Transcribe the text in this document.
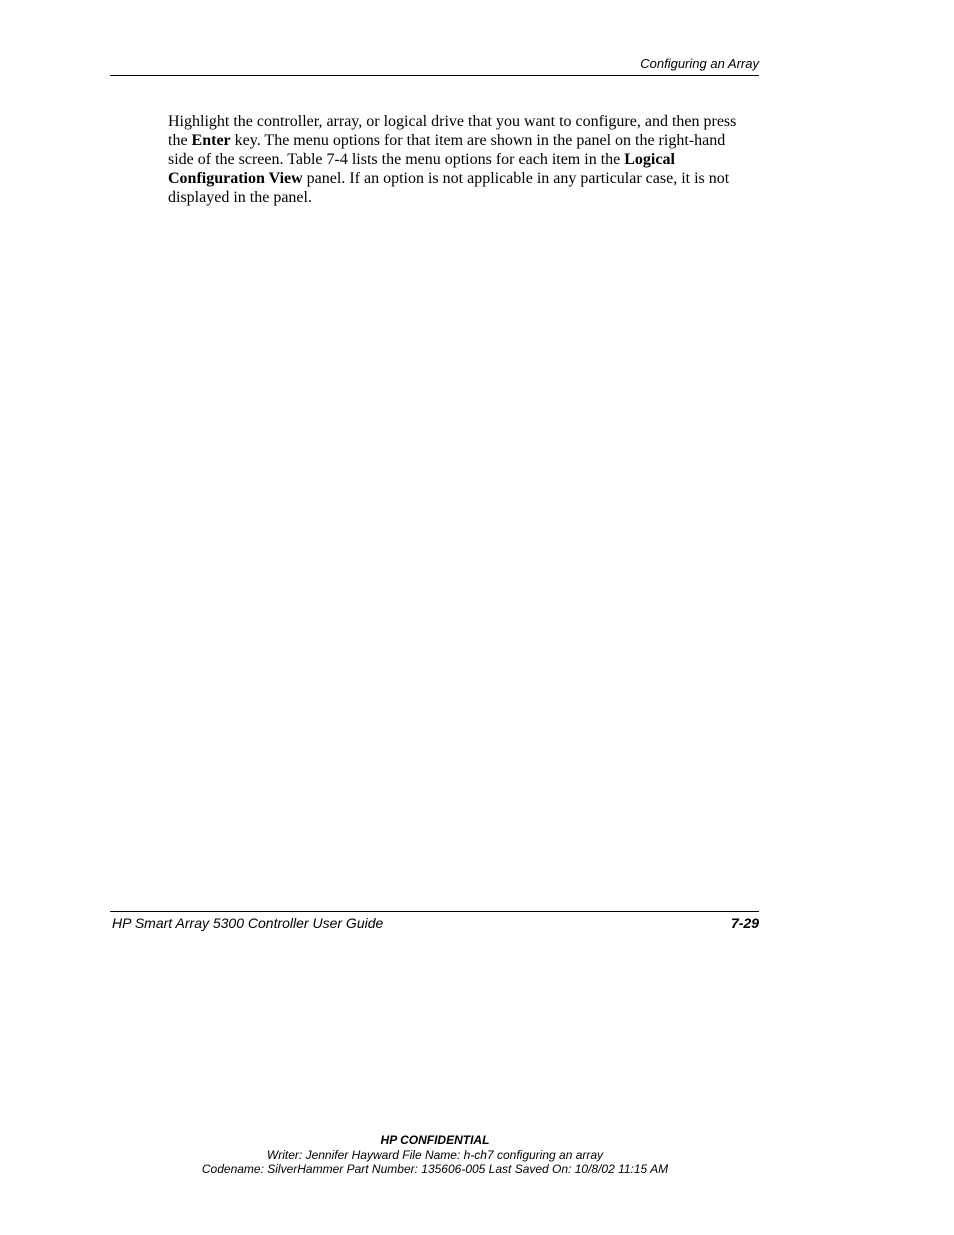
Configuring an Array

Highlight the controller, array, or logical drive that you want to configure, and then press the Enter key. The menu options for that item are shown in the panel on the right-hand side of the screen. Table 7-4 lists the menu options for each item in the Logical Configuration View panel. If an option is not applicable in any particular case, it is not displayed in the panel.

HP Smart Array 5300 Controller User Guide	7-29
HP CONFIDENTIAL
Writer: Jennifer Hayward File Name: h-ch7 configuring an array
Codename: SilverHammer Part Number: 135606-005 Last Saved On: 10/8/02 11:15 AM
